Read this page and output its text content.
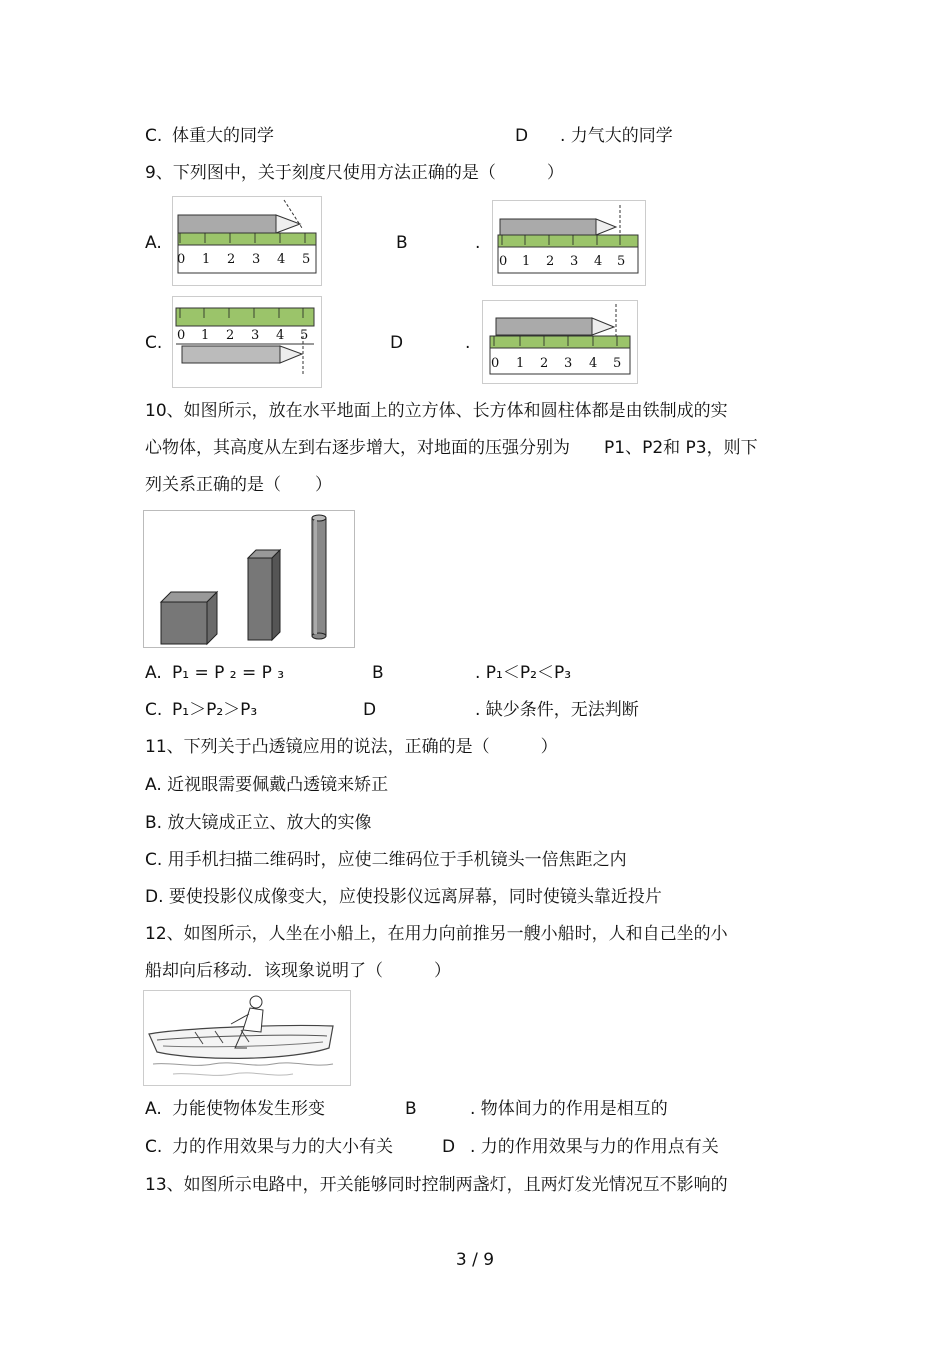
C. 体重大的同学	D . 力气大的同学
9、下列图中，关于刻度尺使用方法正确的是（　　　）
A.
0 1 2 3 4 5
B	.
0 1 2 3 4 5
C. 0 1 2 3 4 5	D	.
0 1 2 3 4 5
10、如图所示，放在水平地面上的立方体、长方体和圆柱体都是由铁制成的实
心物体，其高度从左到右逐步增大，对地面的压强分别为　　P1、P2和 P3，则下
列关系正确的是（　　）
A. P₁ = P ₂ = P ₃	B	. P₁＜P₂＜P₃
C. P₁＞P₂＞P₃	D	. 缺少条件，无法判断
11、下列关于凸透镜应用的说法，正确的是（　　　）
A. 近视眼需要佩戴凸透镜来矫正
B. 放大镜成正立、放大的实像
C. 用手机扫描二维码时，应使二维码位于手机镜头一倍焦距之内
D. 要使投影仪成像变大，应使投影仪远离屏幕，同时使镜头靠近投片
12、如图所示，人坐在小船上，在用力向前推另一艘小船时，人和自己坐的小
船却向后移动．该现象说明了（　　　）
A. 力能使物体发生形变	B	. 物体间力的作用是相互的
C. 力的作用效果与力的大小有关	D . 力的作用效果与力的作用点有关
13、如图所示电路中，开关能够同时控制两盏灯，且两灯发光情况互不影响的
3 / 9
